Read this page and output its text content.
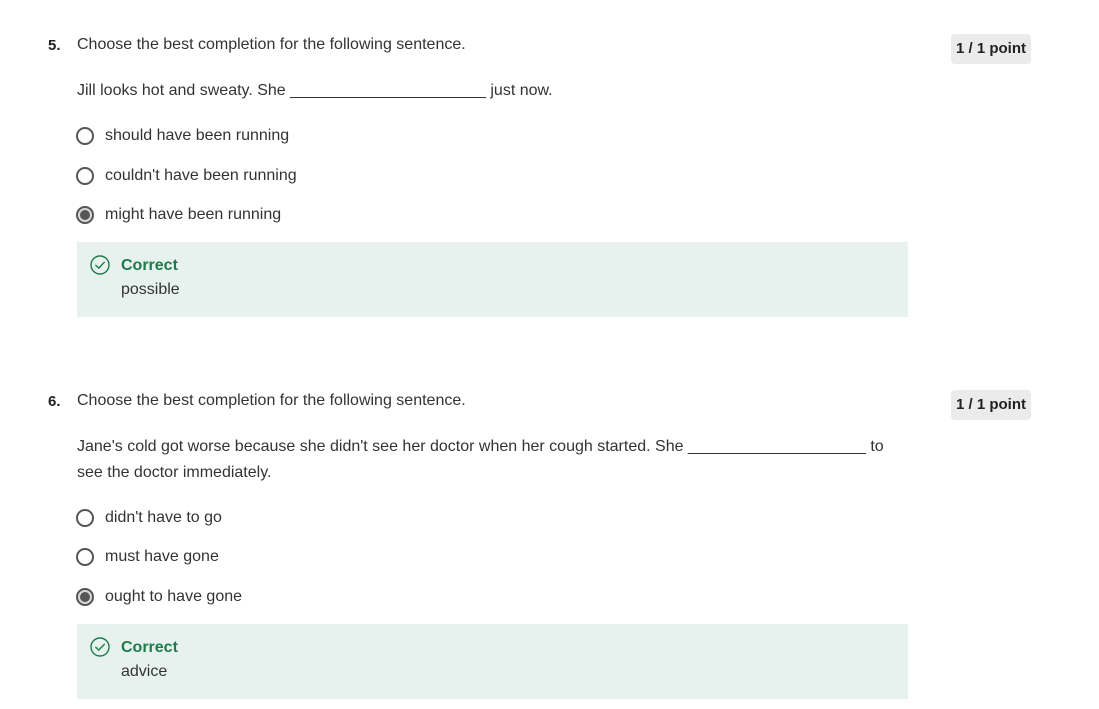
5. Choose the best completion for the following sentence.	1 / 1 point
Jill looks hot and sweaty. She ______________________ just now.
should have been running
couldn't have been running
might have been running
Correct
possible
6. Choose the best completion for the following sentence.	1 / 1 point
Jane's cold got worse because she didn't see her doctor when her cough started. She ____________________ to see the doctor immediately.
didn't have to go
must have gone
ought to have gone
Correct
advice
